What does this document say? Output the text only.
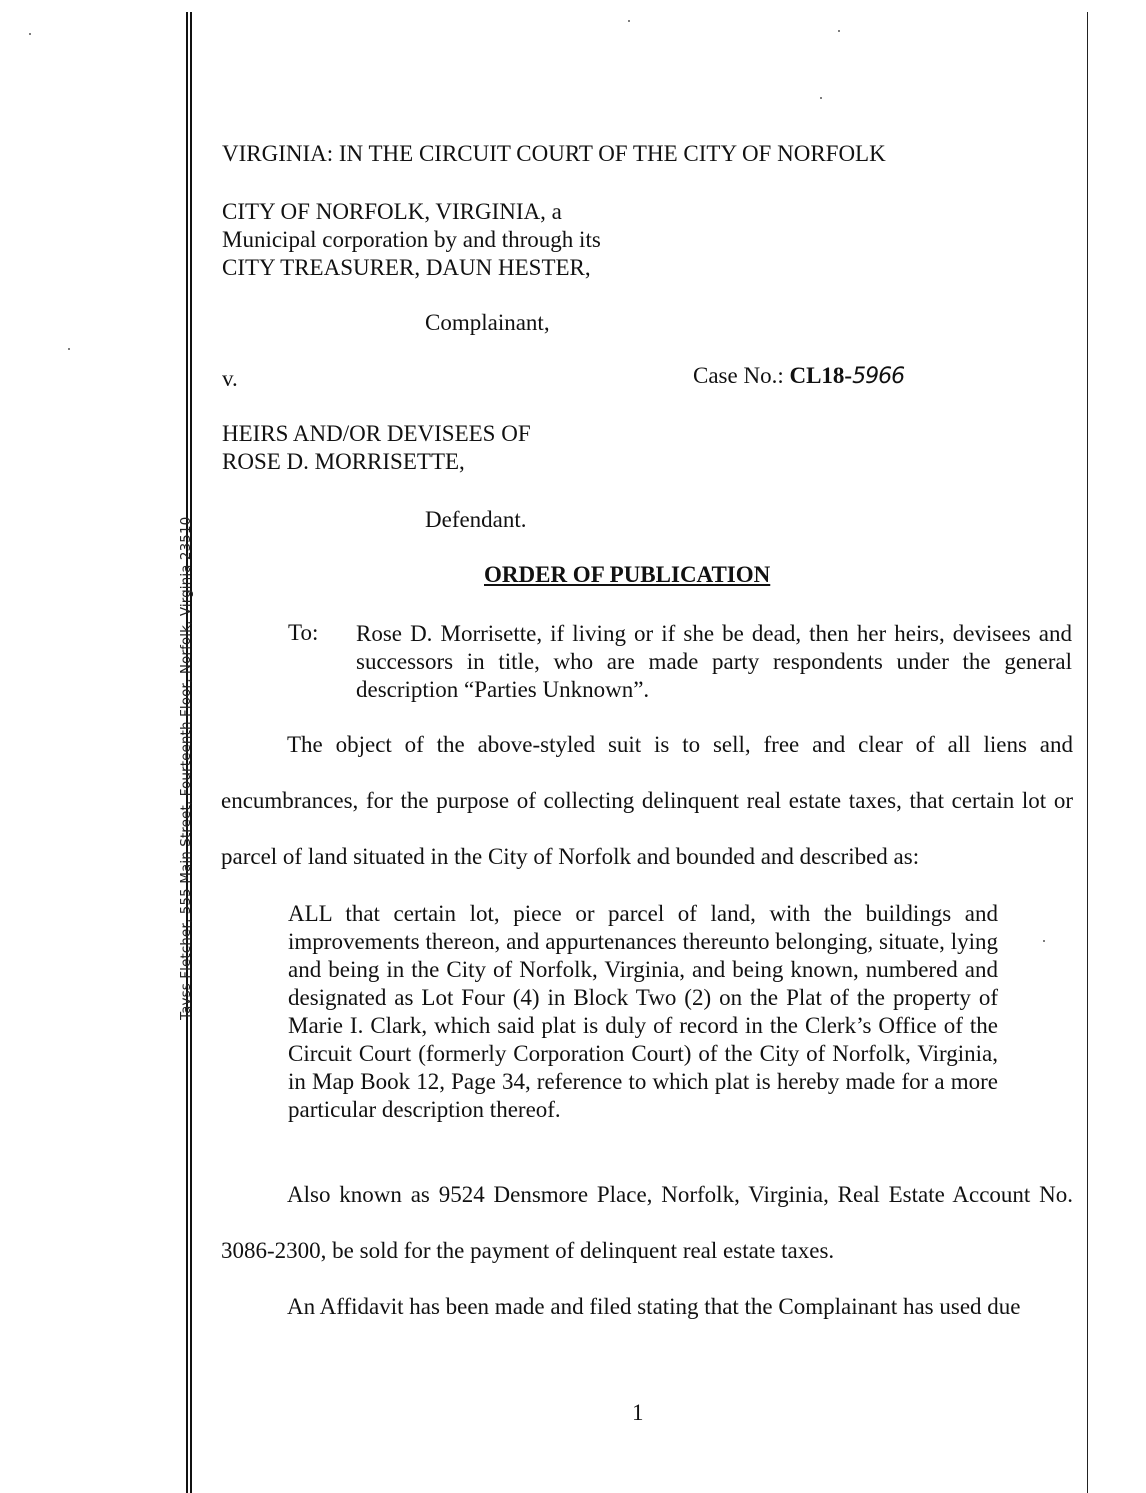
Tavss Fletcher, 555 Main Street, Fourteenth Floor, Norfolk, Virginia 23510
VIRGINIA: IN THE CIRCUIT COURT OF THE CITY OF NORFOLK
CITY OF NORFOLK, VIRGINIA, a
Municipal corporation by and through its
CITY TREASURER, DAUN HESTER,
Complainant,
v.	Case No.: CL18-5966
HEIRS AND/OR DEVISEES OF
ROSE D. MORRISETTE,
Defendant.
ORDER OF PUBLICATION
To: Rose D. Morrisette, if living or if she be dead, then her heirs, devisees and successors in title, who are made party respondents under the general description “Parties Unknown”.
The object of the above-styled suit is to sell, free and clear of all liens and encumbrances, for the purpose of collecting delinquent real estate taxes, that certain lot or parcel of land situated in the City of Norfolk and bounded and described as:
ALL that certain lot, piece or parcel of land, with the buildings and improvements thereon, and appurtenances thereunto belonging, situate, lying and being in the City of Norfolk, Virginia, and being known, numbered and designated as Lot Four (4) in Block Two (2) on the Plat of the property of Marie I. Clark, which said plat is duly of record in the Clerk’s Office of the Circuit Court (formerly Corporation Court) of the City of Norfolk, Virginia, in Map Book 12, Page 34, reference to which plat is hereby made for a more particular description thereof.
Also known as 9524 Densmore Place, Norfolk, Virginia, Real Estate Account No. 3086-2300, be sold for the payment of delinquent real estate taxes.
An Affidavit has been made and filed stating that the Complainant has used due
1
